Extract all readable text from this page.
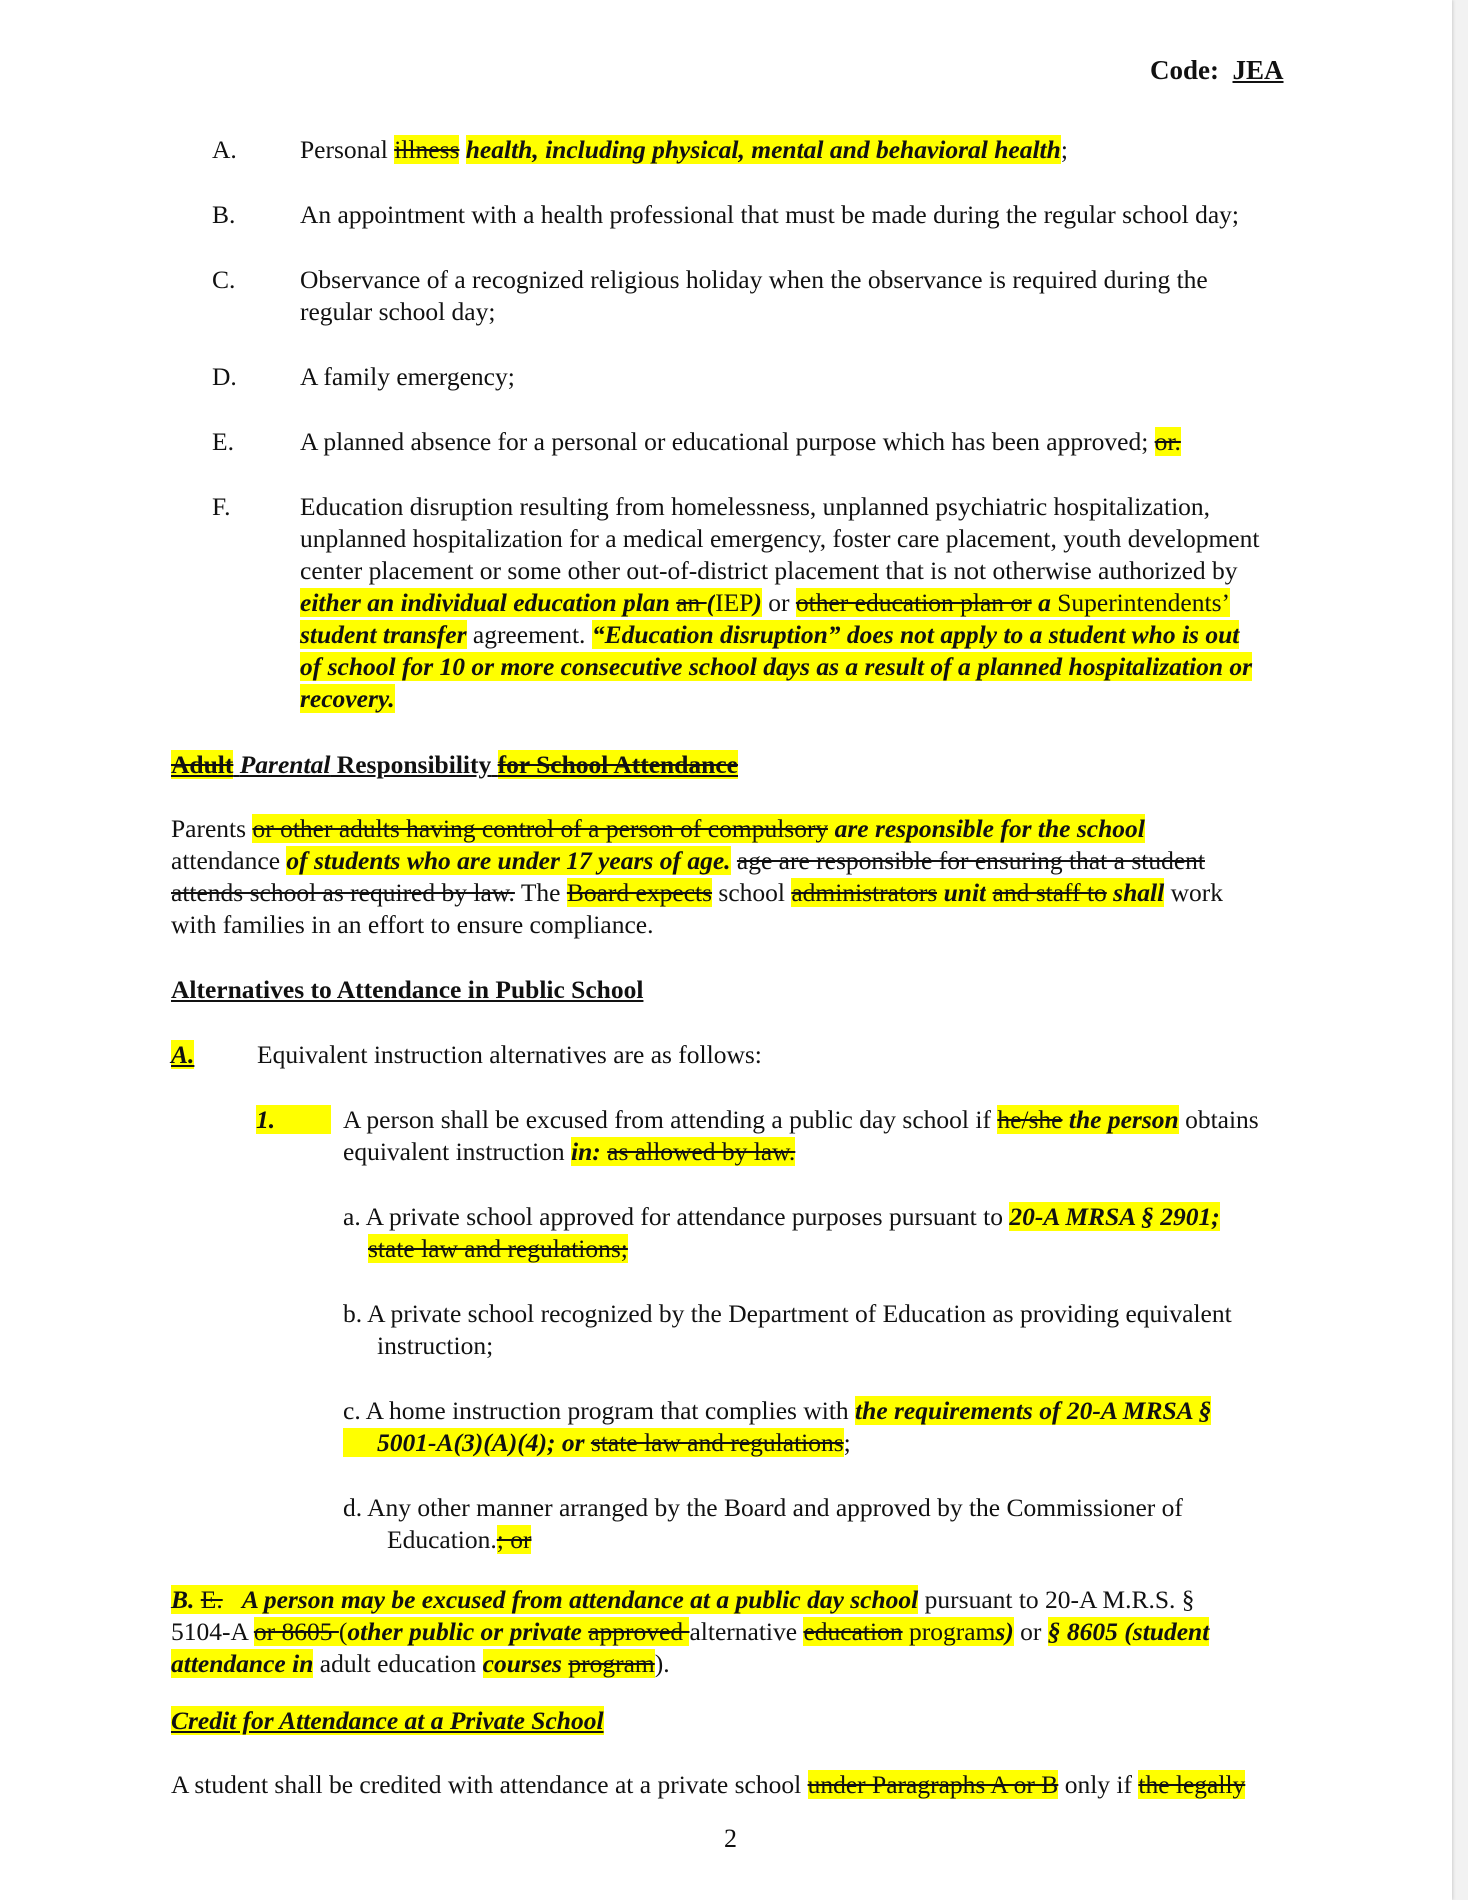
Code: JEA
A. Personal illness health, including physical, mental and behavioral health;
B.	An appointment with a health professional that must be made during the regular school day;
C.	Observance of a recognized religious holiday when the observance is required during the
regular school day;
D. A family emergency;
E.	A planned absence for a personal or educational purpose which has been approved; or.
F.	Education disruption resulting from homelessness, unplanned psychiatric hospitalization,
unplanned hospitalization for a medical emergency, foster care placement, youth development
center placement or some other out-of-district placement that is not otherwise authorized by
either an individual education plan an (IEP) or other education plan or a Superintendents’
student transfer agreement. “Education disruption” does not apply to a student who is out
of school for 10 or more consecutive school days as a result of a planned hospitalization or
recovery.
Adult Parental Responsibility for School Attendance
Parents or other adults having control of a person of compulsory are responsible for the school
attendance of students who are under 17 years of age. age are responsible for ensuring that a student
attends school as required by law. The Board expects school administrators unit and staff to shall work
with families in an effort to ensure compliance.
Alternatives to Attendance in Public School
A. Equivalent instruction alternatives are as follows:
1.	A person shall be excused from attending a public day school if he/she the person obtains
equivalent instruction in: as allowed by law.
a. A private school approved for attendance purposes pursuant to 20-A MRSA § 2901;
state law and regulations;
b. A private school recognized by the Department of Education as providing equivalent
instruction;
c. A home instruction program that complies with the requirements of 20-A MRSA §
5001-A(3)(A)(4); or state law and regulations;
d. Any other manner arranged by the Board and approved by the Commissioner of
Education.; or
B. E. A person may be excused from attendance at a public day school pursuant to 20-A M.R.S. §
5104-A or 8605 (other public or private approved alternative education programs) or § 8605 (student
attendance in adult education courses program).
Credit for Attendance at a Private School
A student shall be credited with attendance at a private school under Paragraphs A or B only if the legally
2
